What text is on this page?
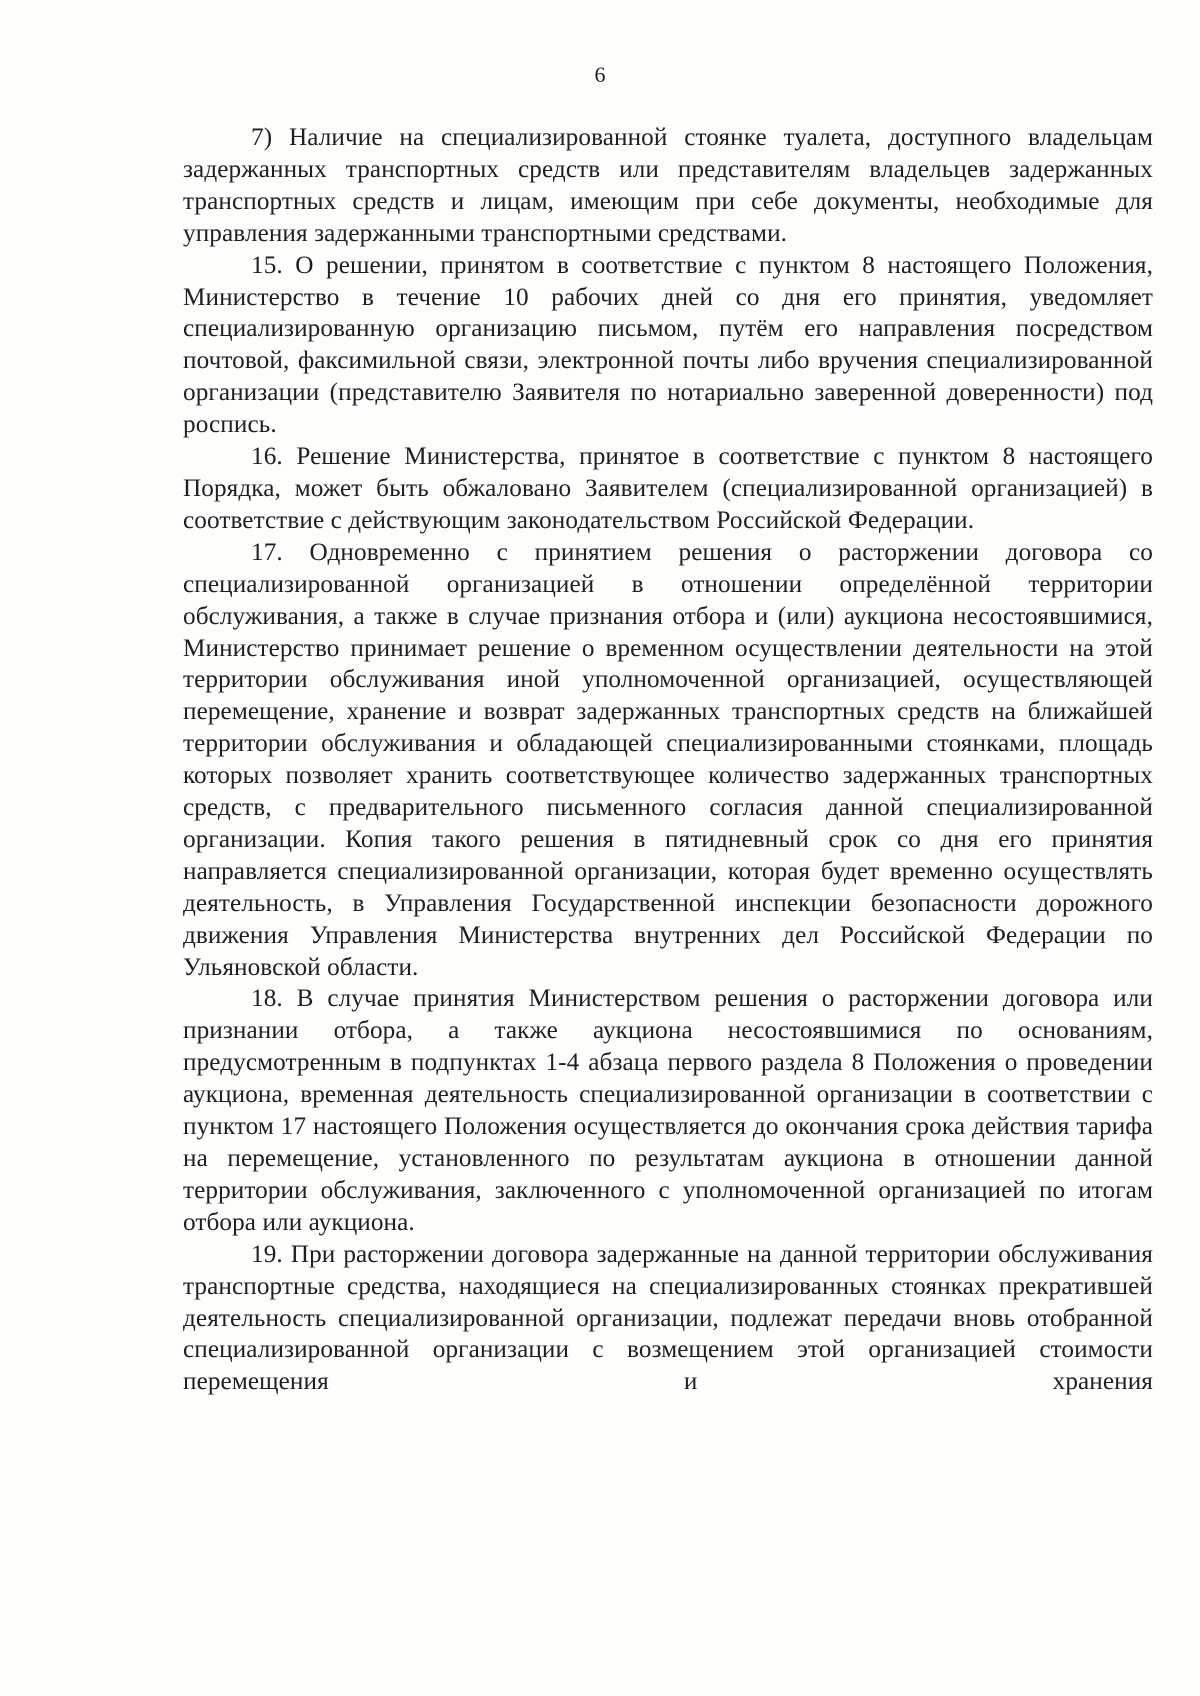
6

7) Наличие на специализированной стоянке туалета, доступного владельцам задержанных транспортных средств или представителям владельцев задержанных транспортных средств и лицам, имеющим при себе документы, необходимые для управления задержанными транспортными средствами.

15. О решении, принятом в соответствие с пунктом 8 настоящего Положения, Министерство в течение 10 рабочих дней со дня его принятия, уведомляет специализированную организацию письмом, путём его направления посредством почтовой, факсимильной связи, электронной почты либо вручения специализированной организации (представителю Заявителя по нотариально заверенной доверенности) под роспись.

16. Решение Министерства, принятое в соответствие с пунктом 8 настоящего Порядка, может быть обжаловано Заявителем (специализированной организацией) в соответствие с действующим законодательством Российской Федерации.

17. Одновременно с принятием решения о расторжении договора со специализированной организацией в отношении определённой территории обслуживания, а также в случае признания отбора и (или) аукциона несостоявшимися, Министерство принимает решение о временном осуществлении деятельности на этой территории обслуживания иной уполномоченной организацией, осуществляющей перемещение, хранение и возврат задержанных транспортных средств на ближайшей территории обслуживания и обладающей специализированными стоянками, площадь которых позволяет хранить соответствующее количество задержанных транспортных средств, с предварительного письменного согласия данной специализированной организации. Копия такого решения в пятидневный срок со дня его принятия направляется специализированной организации, которая будет временно осуществлять деятельность, в Управления Государственной инспекции безопасности дорожного движения Управления Министерства внутренних дел Российской Федерации по Ульяновской области.

18. В случае принятия Министерством решения о расторжении договора или признании отбора, а также аукциона несостоявшимися по основаниям, предусмотренным в подпунктах 1-4 абзаца первого раздела 8 Положения о проведении аукциона, временная деятельность специализированной организации в соответствии с пунктом 17 настоящего Положения осуществляется до окончания срока действия тарифа на перемещение, установленного по результатам аукциона в отношении данной территории обслуживания, заключенного с уполномоченной организацией по итогам отбора или аукциона.

19. При расторжении договора задержанные на данной территории обслуживания транспортные средства, находящиеся на специализированных стоянках прекратившей деятельность специализированной организации, подлежат передачи вновь отобранной специализированной организации с возмещением этой организацией стоимости перемещения и хранения
